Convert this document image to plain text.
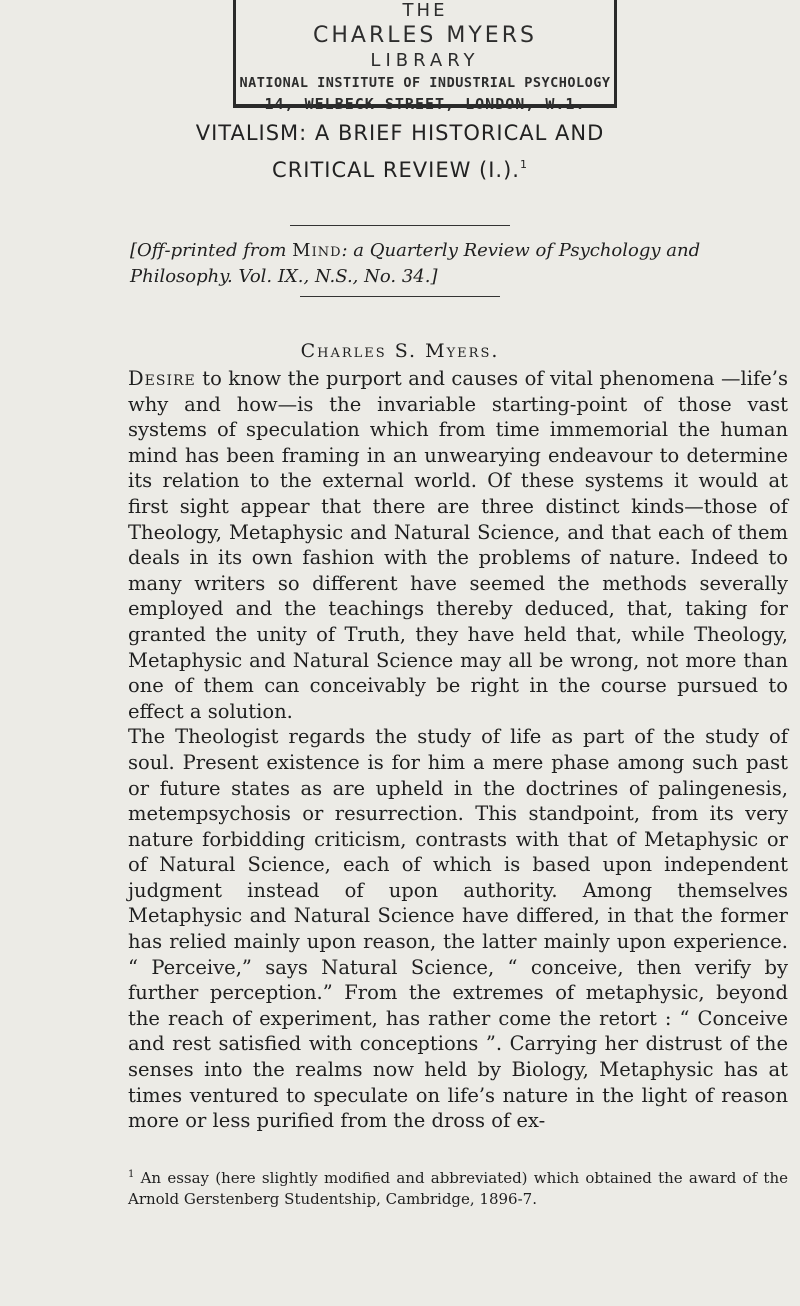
THE
CHARLES MYERS
LIBRARY
NATIONAL INSTITUTE OF INDUSTRIAL PSYCHOLOGY
14, WELBECK STREET, LONDON, W.1.
VITALISM: A BRIEF HISTORICAL AND
CRITICAL REVIEW (I.).$^1$
[Off-printed from Mind: a Quarterly Review of Psychology and Philosophy. Vol. IX., N.S., No. 34.]
Charles S. Myers.

Desire to know the purport and causes of vital phenomena —life’s why and how—is the invariable starting-point of those vast systems of speculation which from time immemorial the human mind has been framing in an unwearying endeavour to determine its relation to the external world. Of these systems it would at first sight appear that there are three distinct kinds—those of Theology, Metaphysic and Natural Science, and that each of them deals in its own fashion with the problems of nature. Indeed to many writers so different have seemed the methods severally employed and the teachings thereby deduced, that, taking for granted the unity of Truth, they have held that, while Theology, Metaphysic and Natural Science may all be wrong, not more than one of them can conceivably be right in the course pursued to effect a solution.

The Theologist regards the study of life as part of the study of soul. Present existence is for him a mere phase among such past or future states as are upheld in the doctrines of palingenesis, metempsychosis or resurrection. This standpoint, from its very nature forbidding criticism, contrasts with that of Metaphysic or of Natural Science, each of which is based upon independent judgment instead of upon authority. Among themselves Metaphysic and Natural Science have differed, in that the former has relied mainly upon reason, the latter mainly upon experience. “ Perceive,” says Natural Science, “ conceive, then verify by further perception.” From the extremes of metaphysic, beyond the reach of experiment, has rather come the retort : “ Conceive and rest satisfied with conceptions ”. Carrying her distrust of the senses into the realms now held by Biology, Metaphysic has at times ventured to speculate on life’s nature in the light of reason more or less purified from the dross of ex-

$^1$ An essay (here slightly modified and abbreviated) which obtained the award of the Arnold Gerstenberg Studentship, Cambridge, 1896-7.
